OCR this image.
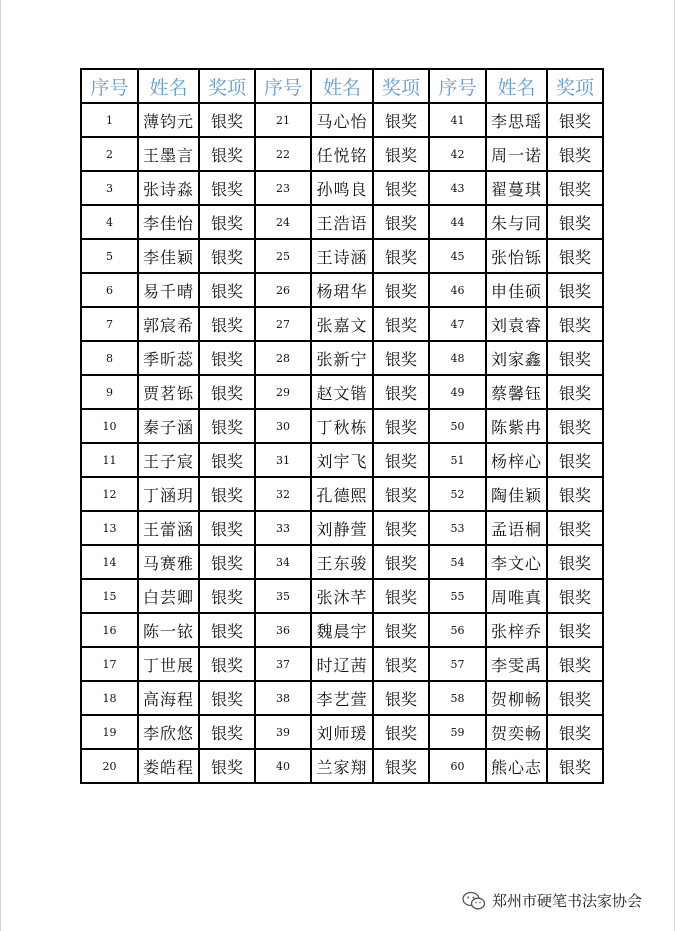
序号	姓名	奖项	序号	姓名	奖项	序号	姓名	奖项
1	薄钧元	银奖	21	马心怡	银奖	41	李思瑶	银奖
2	王墨言	银奖	22	任悦铭	银奖	42	周一诺	银奖
3	张诗淼	银奖	23	孙鸣良	银奖	43	翟蔓琪	银奖
4	李佳怡	银奖	24	王浩语	银奖	44	朱与同	银奖
5	李佳颖	银奖	25	王诗涵	银奖	45	张怡铄	银奖
6	易千晴	银奖	26	杨珺华	银奖	46	申佳硕	银奖
7	郭宸希	银奖	27	张嘉文	银奖	47	刘袁睿	银奖
8	季昕蕊	银奖	28	张新宁	银奖	48	刘家鑫	银奖
9	贾茗铄	银奖	29	赵文锴	银奖	49	蔡馨钰	银奖
10	秦子涵	银奖	30	丁秋栋	银奖	50	陈紫冉	银奖
11	王子宸	银奖	31	刘宇飞	银奖	51	杨梓心	银奖
12	丁涵玥	银奖	32	孔德熙	银奖	52	陶佳颖	银奖
13	王蕾涵	银奖	33	刘静萱	银奖	53	孟语桐	银奖
14	马赛雅	银奖	34	王东骏	银奖	54	李文心	银奖
15	白芸卿	银奖	35	张沐芊	银奖	55	周唯真	银奖
16	陈一铱	银奖	36	魏晨宇	银奖	56	张梓乔	银奖
17	丁世展	银奖	37	时辽茜	银奖	57	李雯禹	银奖
18	高海程	银奖	38	李艺萱	银奖	58	贺柳畅	银奖
19	李欣悠	银奖	39	刘师瑗	银奖	59	贺奕畅	银奖
20	娄皓程	银奖	40	兰家翔	银奖	60	熊心志	银奖
郑州市硬笔书法家协会
